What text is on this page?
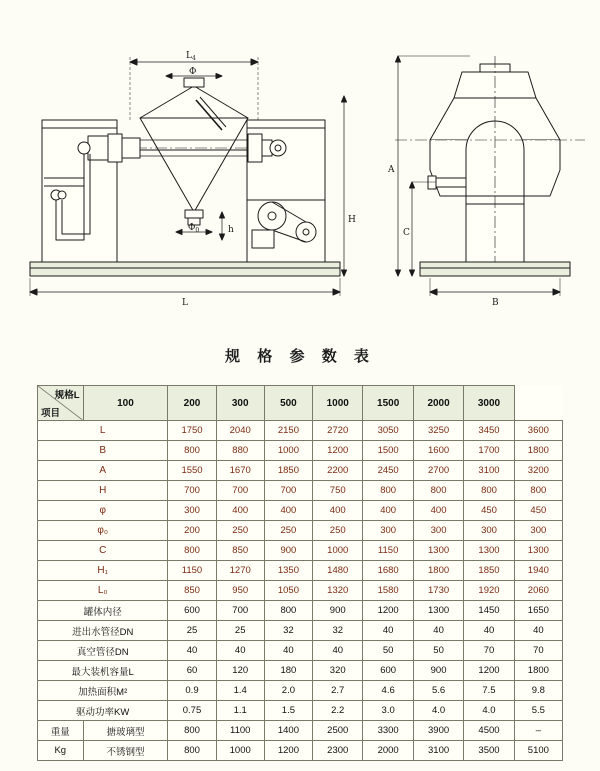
$L_4$
Φ
$\Phi_0$	h
H
L
A
C
B
规 格 参 数 表
规格L
项目	100	200	300	500	1000	1500	2000	3000	
L		1750	2040	2150	2720	3050	3250	3450	3600
B		800	880	1000	1200	1500	1600	1700	1800
A		1550	1670	1850	2200	2450	2700	3100	3200
H		700	700	700	750	800	800	800	800
φ		300	400	400	400	400	400	450	450
φ₀		200	250	250	250	300	300	300	300
C		800	850	900	1000	1150	1300	1300	1300
H₁		1150	1270	1350	1480	1680	1800	1850	1940
L₀		850	950	1050	1320	1580	1730	1920	2060
罐体内径		600	700	800	900	1200	1300	1450	1650
进出水管径DN		25	25	32	32	40	40	40	40
真空管径DN		40	40	40	40	50	50	70	70
最大装机容量L		60	120	180	320	600	900	1200	1800
加热面积M²		0.9	1.4	2.0	2.7	4.6	5.6	7.5	9.8
驱动功率KW		0.75	1.1	1.5	2.2	3.0	4.0	4.0	5.5
重量	搪玻璃型	800	1100	1400	2500	3300	3900	4500	–
Kg	不锈钢型	800	1000	1200	2300	2000	3100	3500	5100
